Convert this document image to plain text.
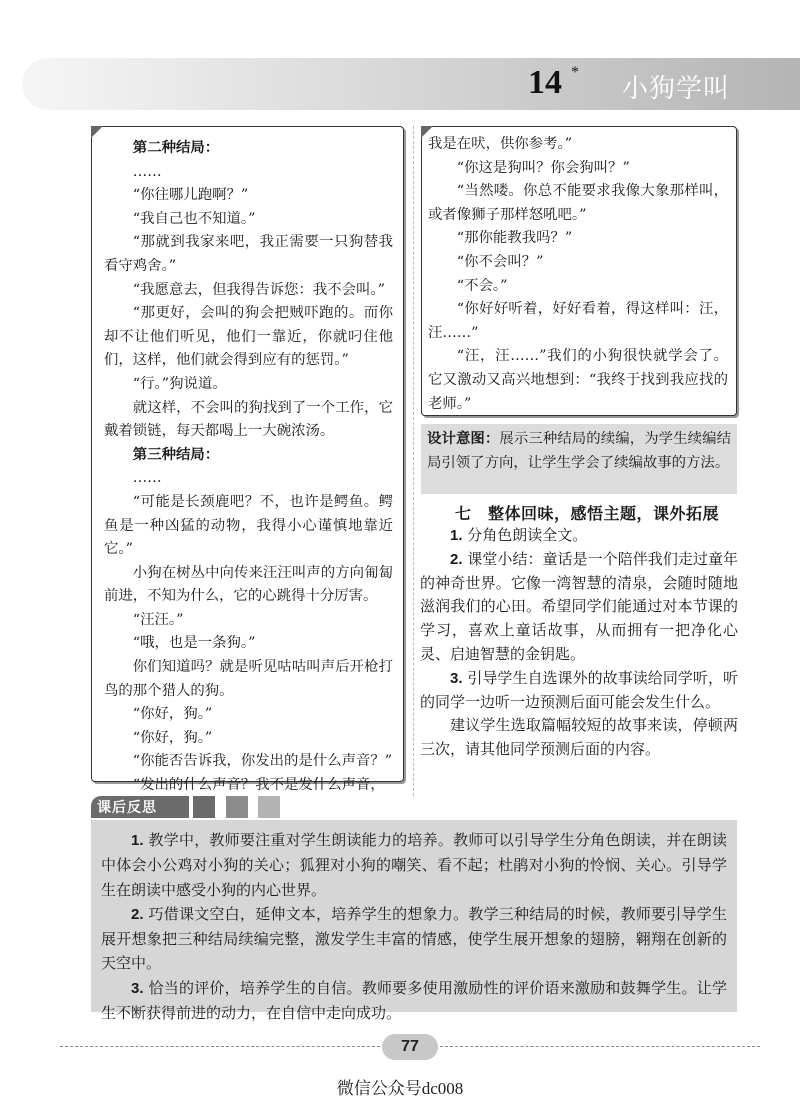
14 *
小狗学叫

第二种结局：

……

“你往哪儿跑啊？”

“我自己也不知道。”

“那就到我家来吧，我正需要一只狗替我看守鸡舍。”

“我愿意去，但我得告诉您：我不会叫。”

“那更好，会叫的狗会把贼吓跑的。而你却不让他们听见，他们一靠近，你就叼住他们，这样，他们就会得到应有的惩罚。”

“行。”狗说道。

就这样，不会叫的狗找到了一个工作，它戴着锁链，每天都喝上一大碗浓汤。

第三种结局：

……

“可能是长颈鹿吧？不，也许是鳄鱼。鳄鱼是一种凶猛的动物，我得小心谨慎地靠近它。”

小狗在树丛中向传来汪汪叫声的方向匍匐前进，不知为什么，它的心跳得十分厉害。

“汪汪。”

“哦，也是一条狗。”

你们知道吗？就是听见咕咕叫声后开枪打鸟的那个猎人的狗。

“你好，狗。”

“你好，狗。”

“你能否告诉我，你发出的是什么声音？”

“发出的什么声音？我不是发什么声音，

我是在吠，供你参考。”

“你这是狗叫？你会狗叫？”

“当然喽。你总不能要求我像大象那样叫，或者像狮子那样怒吼吧。”

“那你能教我吗？”

“你不会叫？”

“不会。”

“你好好听着，好好看着，得这样叫：汪，汪……”

“汪，汪……”我们的小狗很快就学会了。它又激动又高兴地想到：“我终于找到我应找的老师。”

设计意图：展示三种结局的续编，为学生续编结局引领了方向，让学生学会了续编故事的方法。

七　整体回味，感悟主题，课外拓展

1. 分角色朗读全文。

2. 课堂小结：童话是一个陪伴我们走过童年的神奇世界。它像一湾智慧的清泉，会随时随地滋润我们的心田。希望同学们能通过对本节课的学习，喜欢上童话故事，从而拥有一把净化心灵、启迪智慧的金钥匙。

3. 引导学生自选课外的故事读给同学听，听的同学一边听一边预测后面可能会发生什么。

建议学生选取篇幅较短的故事来读，停顿两三次，请其他同学预测后面的内容。

课后反思

1. 教学中，教师要注重对学生朗读能力的培养。教师可以引导学生分角色朗读，并在朗读中体会小公鸡对小狗的关心；狐狸对小狗的嘲笑、看不起；杜鹃对小狗的怜悯、关心。引导学生在朗读中感受小狗的内心世界。

2. 巧借课文空白，延伸文本，培养学生的想象力。教学三种结局的时候，教师要引导学生展开想象把三种结局续编完整，激发学生丰富的情感，使学生展开想象的翅膀，翱翔在创新的天空中。

3. 恰当的评价，培养学生的自信。教师要多使用激励性的评价语来激励和鼓舞学生。让学生不断获得前进的动力，在自信中走向成功。

77
微信公众号dc008
